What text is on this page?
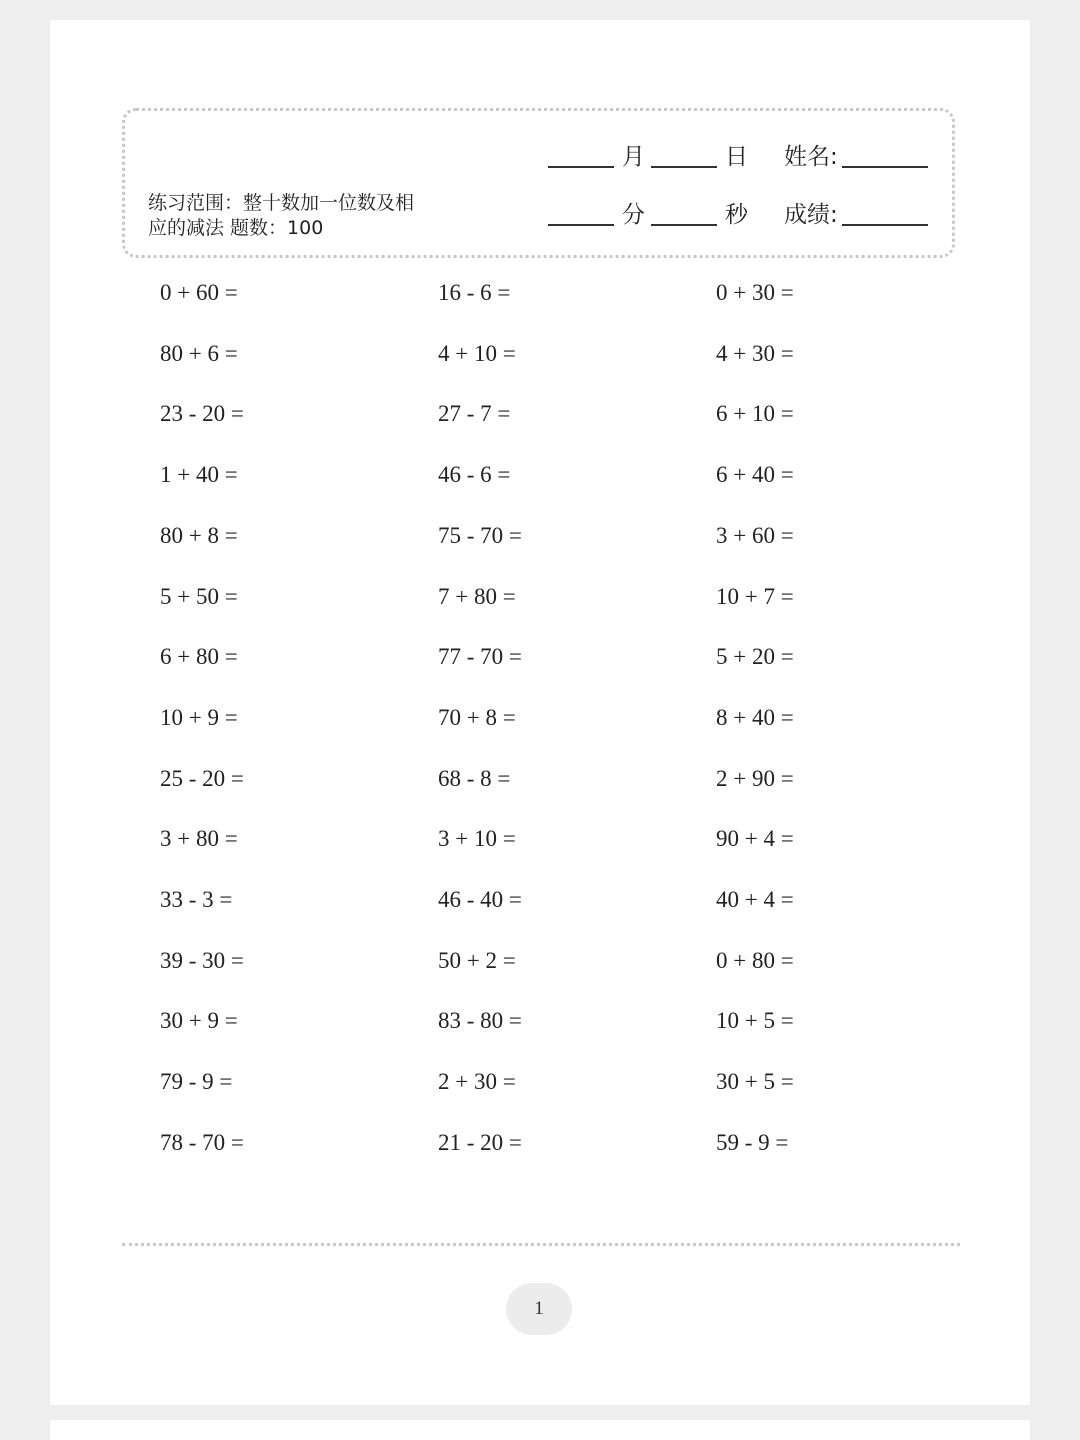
练习范围：整十数加一位数及相
应的减法 题数：100
月	日 姓名:
分	秒 成绩:
0 + 60 =
80 + 6 =
23 - 20 =
1 + 40 =
80 + 8 =
5 + 50 =
6 + 80 =
10 + 9 =
25 - 20 =
3 + 80 =
33 - 3 =
39 - 30 =
30 + 9 =
79 - 9 =
78 - 70 =
16 - 6 =
4 + 10 =
27 - 7 =
46 - 6 =
75 - 70 =
7 + 80 =
77 - 70 =
70 + 8 =
68 - 8 =
3 + 10 =
46 - 40 =
50 + 2 =
83 - 80 =
2 + 30 =
21 - 20 =
0 + 30 =
4 + 30 =
6 + 10 =
6 + 40 =
3 + 60 =
10 + 7 =
5 + 20 =
8 + 40 =
2 + 90 =
90 + 4 =
40 + 4 =
0 + 80 =
10 + 5 =
30 + 5 =
59 - 9 =
1
